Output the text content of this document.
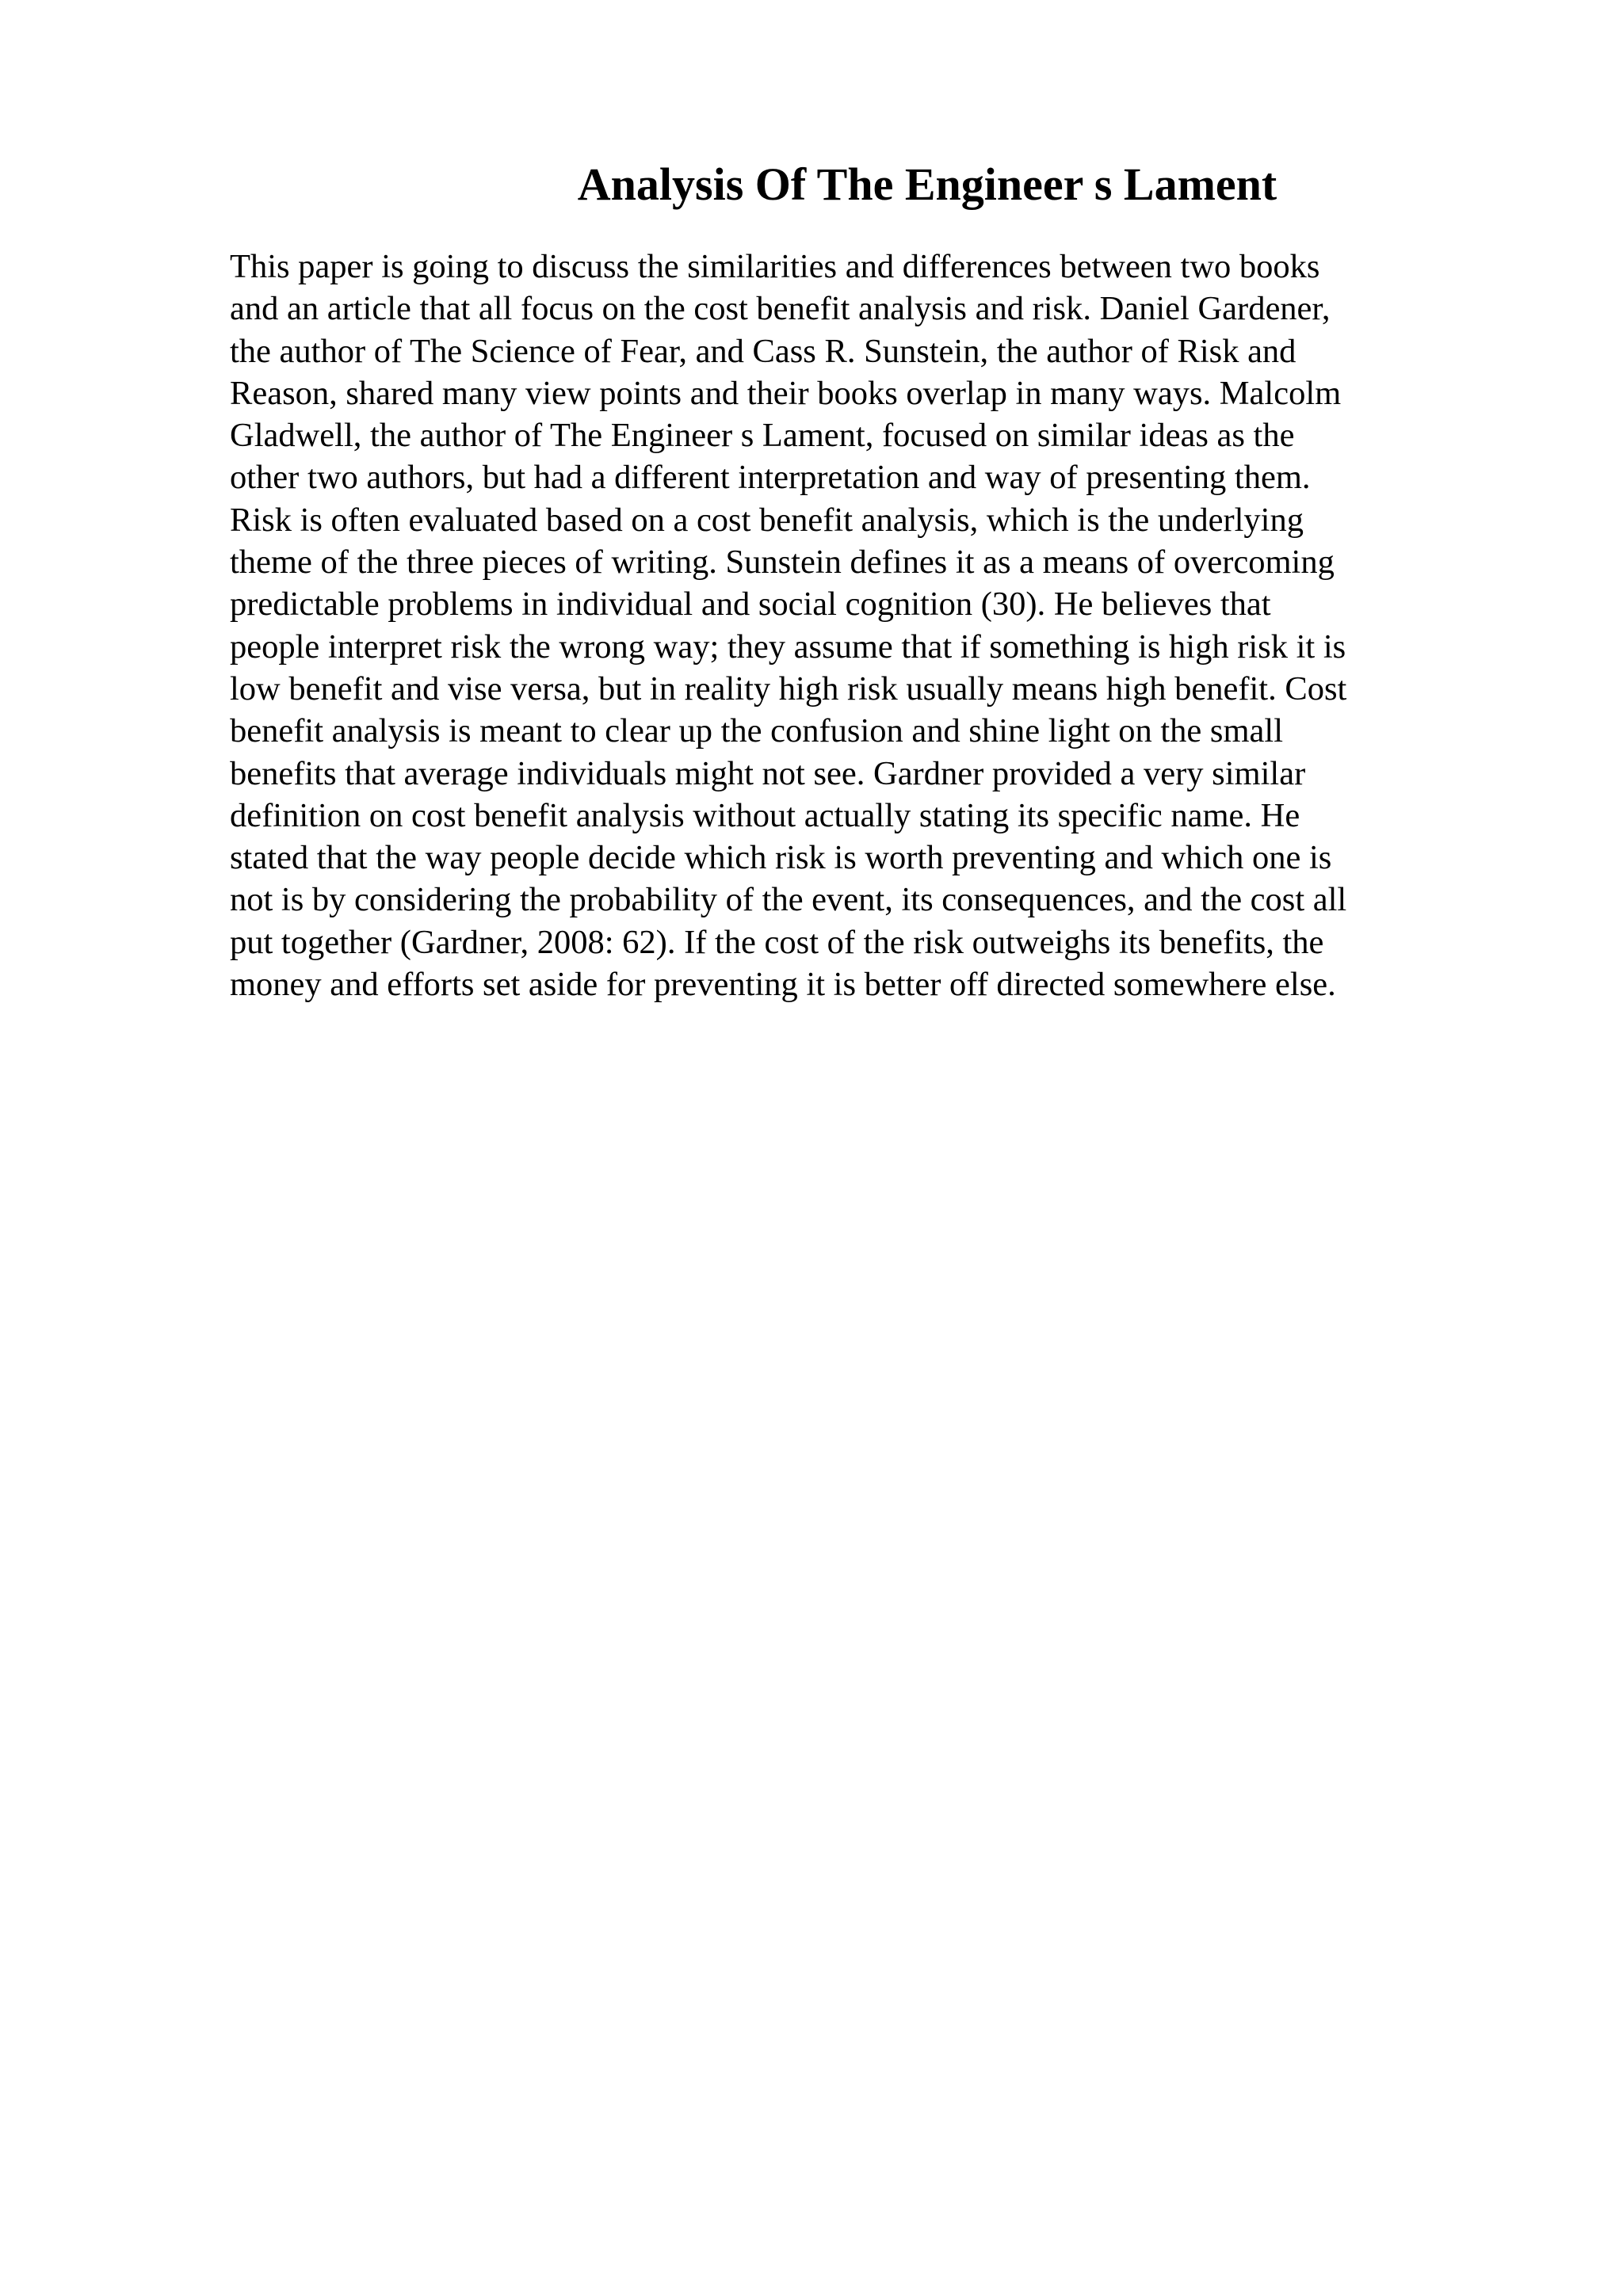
Analysis Of The Engineer s Lament
This paper is going to discuss the similarities and differences between two books
and an article that all focus on the cost benefit analysis and risk. Daniel Gardener,
the author of The Science of Fear, and Cass R. Sunstein, the author of Risk and
Reason, shared many view points and their books overlap in many ways. Malcolm
Gladwell, the author of The Engineer s Lament, focused on similar ideas as the
other two authors, but had a different interpretation and way of presenting them.
Risk is often evaluated based on a cost benefit analysis, which is the underlying
theme of the three pieces of writing. Sunstein defines it as a means of overcoming
predictable problems in individual and social cognition (30). He believes that
people interpret risk the wrong way; they assume that if something is high risk it is
low benefit and vise versa, but in reality high risk usually means high benefit. Cost
benefit analysis is meant to clear up the confusion and shine light on the small
benefits that average individuals might not see. Gardner provided a very similar
definition on cost benefit analysis without actually stating its specific name. He
stated that the way people decide which risk is worth preventing and which one is
not is by considering the probability of the event, its consequences, and the cost all
put together (Gardner, 2008: 62). If the cost of the risk outweighs its benefits, the
money and efforts set aside for preventing it is better off directed somewhere else.
